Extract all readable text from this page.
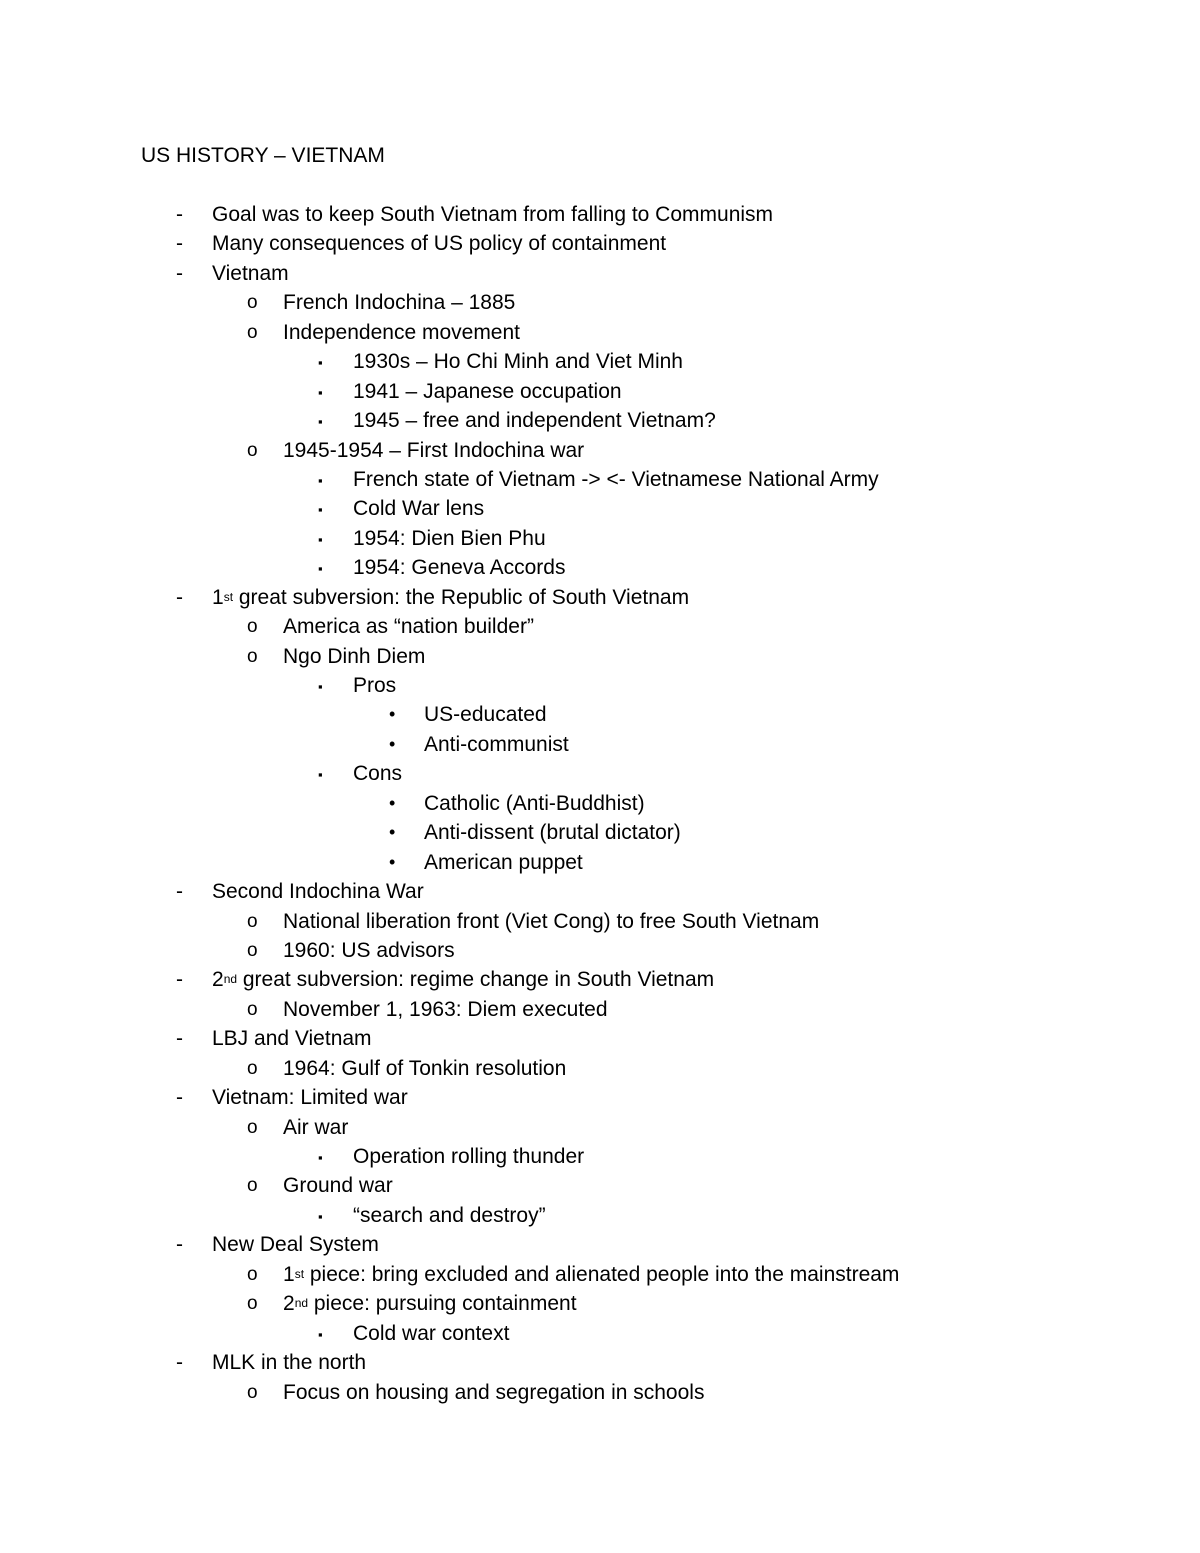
US HISTORY – VIETNAM
- Goal was to keep South Vietnam from falling to Communism
- Many consequences of US policy of containment
- Vietnam
o French Indochina – 1885
o Independence movement
▪ 1930s – Ho Chi Minh and Viet Minh
▪ 1941 – Japanese occupation
▪ 1945 – free and independent Vietnam?
o 1945-1954 – First Indochina war
▪ French state of Vietnam -> <- Vietnamese National Army
▪ Cold War lens
▪ 1954: Dien Bien Phu
▪ 1954: Geneva Accords
- 1st great subversion: the Republic of South Vietnam
o America as “nation builder”
o Ngo Dinh Diem
▪ Pros
• US-educated
• Anti-communist
▪ Cons
• Catholic (Anti-Buddhist)
• Anti-dissent (brutal dictator)
• American puppet
- Second Indochina War
o National liberation front (Viet Cong) to free South Vietnam
o 1960: US advisors
- 2nd great subversion: regime change in South Vietnam
o November 1, 1963: Diem executed
- LBJ and Vietnam
o 1964: Gulf of Tonkin resolution
- Vietnam: Limited war
o Air war
▪ Operation rolling thunder
o Ground war
▪ “search and destroy”
- New Deal System
o 1st piece: bring excluded and alienated people into the mainstream
o 2nd piece: pursuing containment
▪ Cold war context
- MLK in the north
o Focus on housing and segregation in schools
